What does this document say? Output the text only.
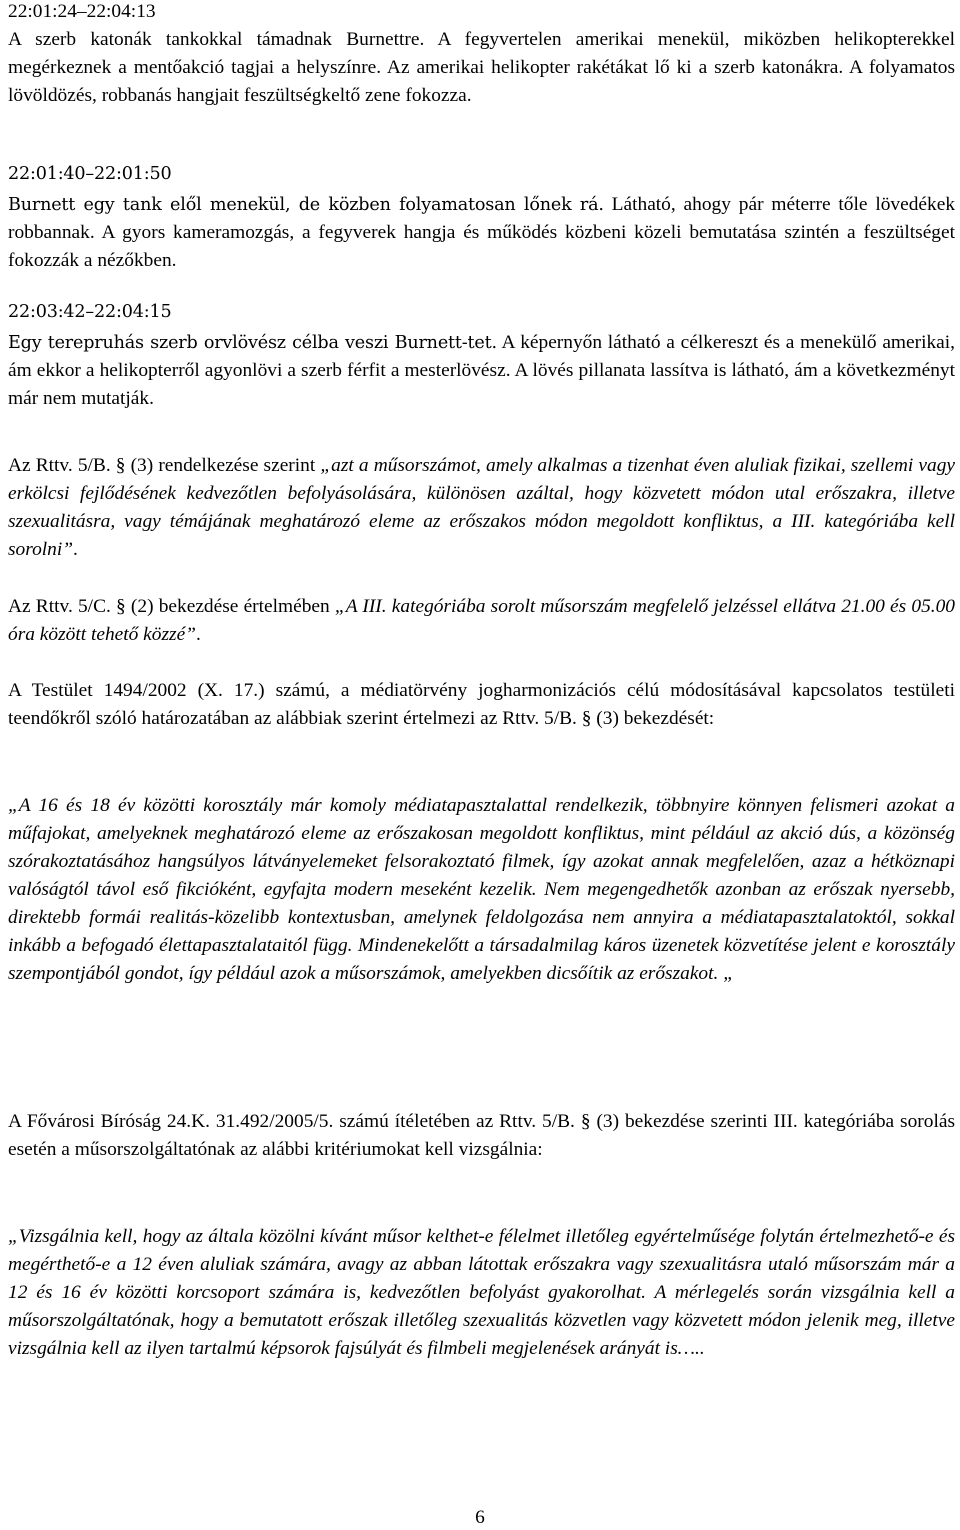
22:01:24–22:04:13

A szerb katonák tankokkal támadnak Burnettre. A fegyvertelen amerikai menekül, miközben helikopterekkel megérkeznek a mentőakció tagjai a helyszínre. Az amerikai helikopter rakétákat lő ki a szerb katonákra. A folyamatos lövöldözés, robbanás hangjait feszültségkeltő zene fokozza.

22:01:40–22:01:50

Burnett egy tank elől menekül, de közben folyamatosan lőnek rá. Látható, ahogy pár méterre tőle lövedékek robbannak. A gyors kameramozgás, a fegyverek hangja és működés közbeni közeli bemutatása szintén a feszültséget fokozzák a nézőkben.

22:03:42–22:04:15

Egy terepruhás szerb orvlövész célba veszi Burnett-tet. A képernyőn látható a célkereszt és a menekülő amerikai, ám ekkor a helikopterről agyonlövi a szerb férfit a mesterlövész. A lövés pillanata lassítva is látható, ám a következményt már nem mutatják.

Az Rttv. 5/B. § (3) rendelkezése szerint „azt a műsorszámot, amely alkalmas a tizenhat éven aluliak fizikai, szellemi vagy erkölcsi fejlődésének kedvezőtlen befolyásolására, különösen azáltal, hogy közvetett módon utal erőszakra, illetve szexualitásra, vagy témájának meghatározó eleme az erőszakos módon megoldott konfliktus, a III. kategóriába kell sorolni”.

Az Rttv. 5/C. § (2) bekezdése értelmében „A III. kategóriába sorolt műsorszám megfelelő jelzéssel ellátva 21.00 és 05.00 óra között tehető közzé”.

A Testület 1494/2002 (X. 17.) számú, a médiatörvény jogharmonizációs célú módosításával kapcsolatos testületi teendőkről szóló határozatában az alábbiak szerint értelmezi az Rttv. 5/B. § (3) bekezdését:

„A 16 és 18 év közötti korosztály már komoly médiatapasztalattal rendelkezik, többnyire könnyen felismeri azokat a műfajokat, amelyeknek meghatározó eleme az erőszakosan megoldott konfliktus, mint például az akció dús, a közönség szórakoztatásához hangsúlyos látványelemeket felsorakoztató filmek, így azokat annak megfelelően, azaz a hétköznapi valóságtól távol eső fikcióként, egyfajta modern meseként kezelik. Nem megengedhetők azonban az erőszak nyersebb, direktebb formái realitás-közelibb kontextusban, amelynek feldolgozása nem annyira a médiatapasztalatoktól, sokkal inkább a befogadó élettapasztalataitól függ. Mindenekelőtt a társadalmilag káros üzenetek közvetítése jelent e korosztály szempontjából gondot, így például azok a műsorszámok, amelyekben dicsőítik az erőszakot. „

A Fővárosi Bíróság 24.K. 31.492/2005/5. számú ítéletében az Rttv. 5/B. § (3) bekezdése szerinti III. kategóriába sorolás esetén a műsorszolgáltatónak az alábbi kritériumokat kell vizsgálnia:

„Vizsgálnia kell, hogy az általa közölni kívánt műsor kelthet-e félelmet illetőleg egyértelműsége folytán értelmezhető-e és megérthető-e a 12 éven aluliak számára, avagy az abban látottak erőszakra vagy szexualitásra utaló műsorszám már a 12 és 16 év közötti korcsoport számára is, kedvezőtlen befolyást gyakorolhat. A mérlegelés során vizsgálnia kell a műsorszolgáltatónak, hogy a bemutatott erőszak illetőleg szexualitás közvetlen vagy közvetett módon jelenik meg, illetve vizsgálnia kell az ilyen tartalmú képsorok fajsúlyát és filmbeli megjelenések arányát is…..

6
